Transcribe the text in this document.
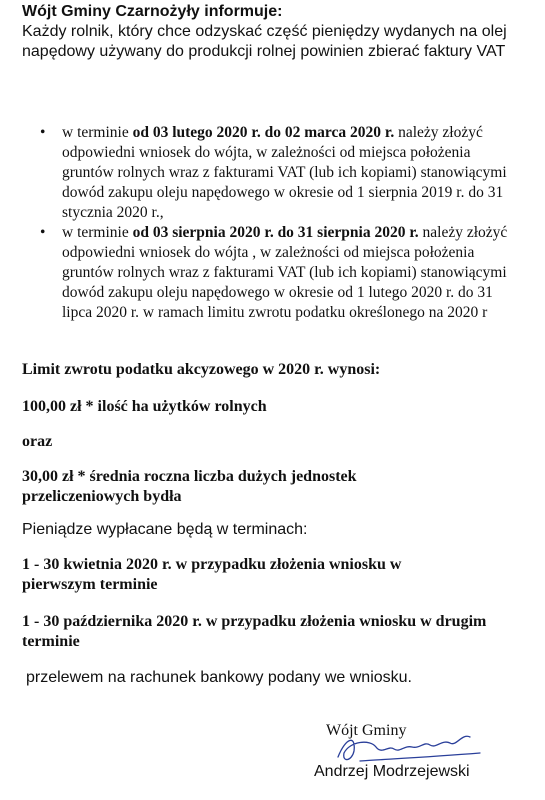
Wójt Gminy Czarnożyły informuje:
Każdy rolnik, który chce odzyskać część pieniędzy wydanych na olej napędowy używany do produkcji rolnej powinien zbierać faktury VAT
• w terminie od 03 lutego 2020 r. do 02 marca 2020 r. należy złożyć odpowiedni wniosek do wójta, w zależności od miejsca położenia gruntów rolnych wraz z fakturami VAT (lub ich kopiami) stanowiącymi dowód zakupu oleju napędowego w okresie od 1 sierpnia 2019 r. do 31 stycznia 2020 r.,
• w terminie od 03 sierpnia 2020 r. do 31 sierpnia 2020 r. należy złożyć odpowiedni wniosek do wójta , w zależności od miejsca położenia gruntów rolnych wraz z fakturami VAT (lub ich kopiami) stanowiącymi dowód zakupu oleju napędowego w okresie od 1 lutego 2020 r. do 31 lipca 2020 r. w ramach limitu zwrotu podatku określonego na 2020 r
Limit zwrotu podatku akcyzowego w 2020 r. wynosi:
100,00 zł * ilość ha użytków rolnych
oraz
30,00 zł * średnia roczna liczba dużych jednostek przeliczeniowych bydła
Pieniądze wypłacane będą w terminach:
1 - 30 kwietnia 2020 r. w przypadku złożenia wniosku w pierwszym terminie
1 - 30 października 2020 r. w przypadku złożenia wniosku w drugim terminie
przelewem na rachunek bankowy podany we wniosku.
Wójt Gminy
Andrzej Modrzejewski
